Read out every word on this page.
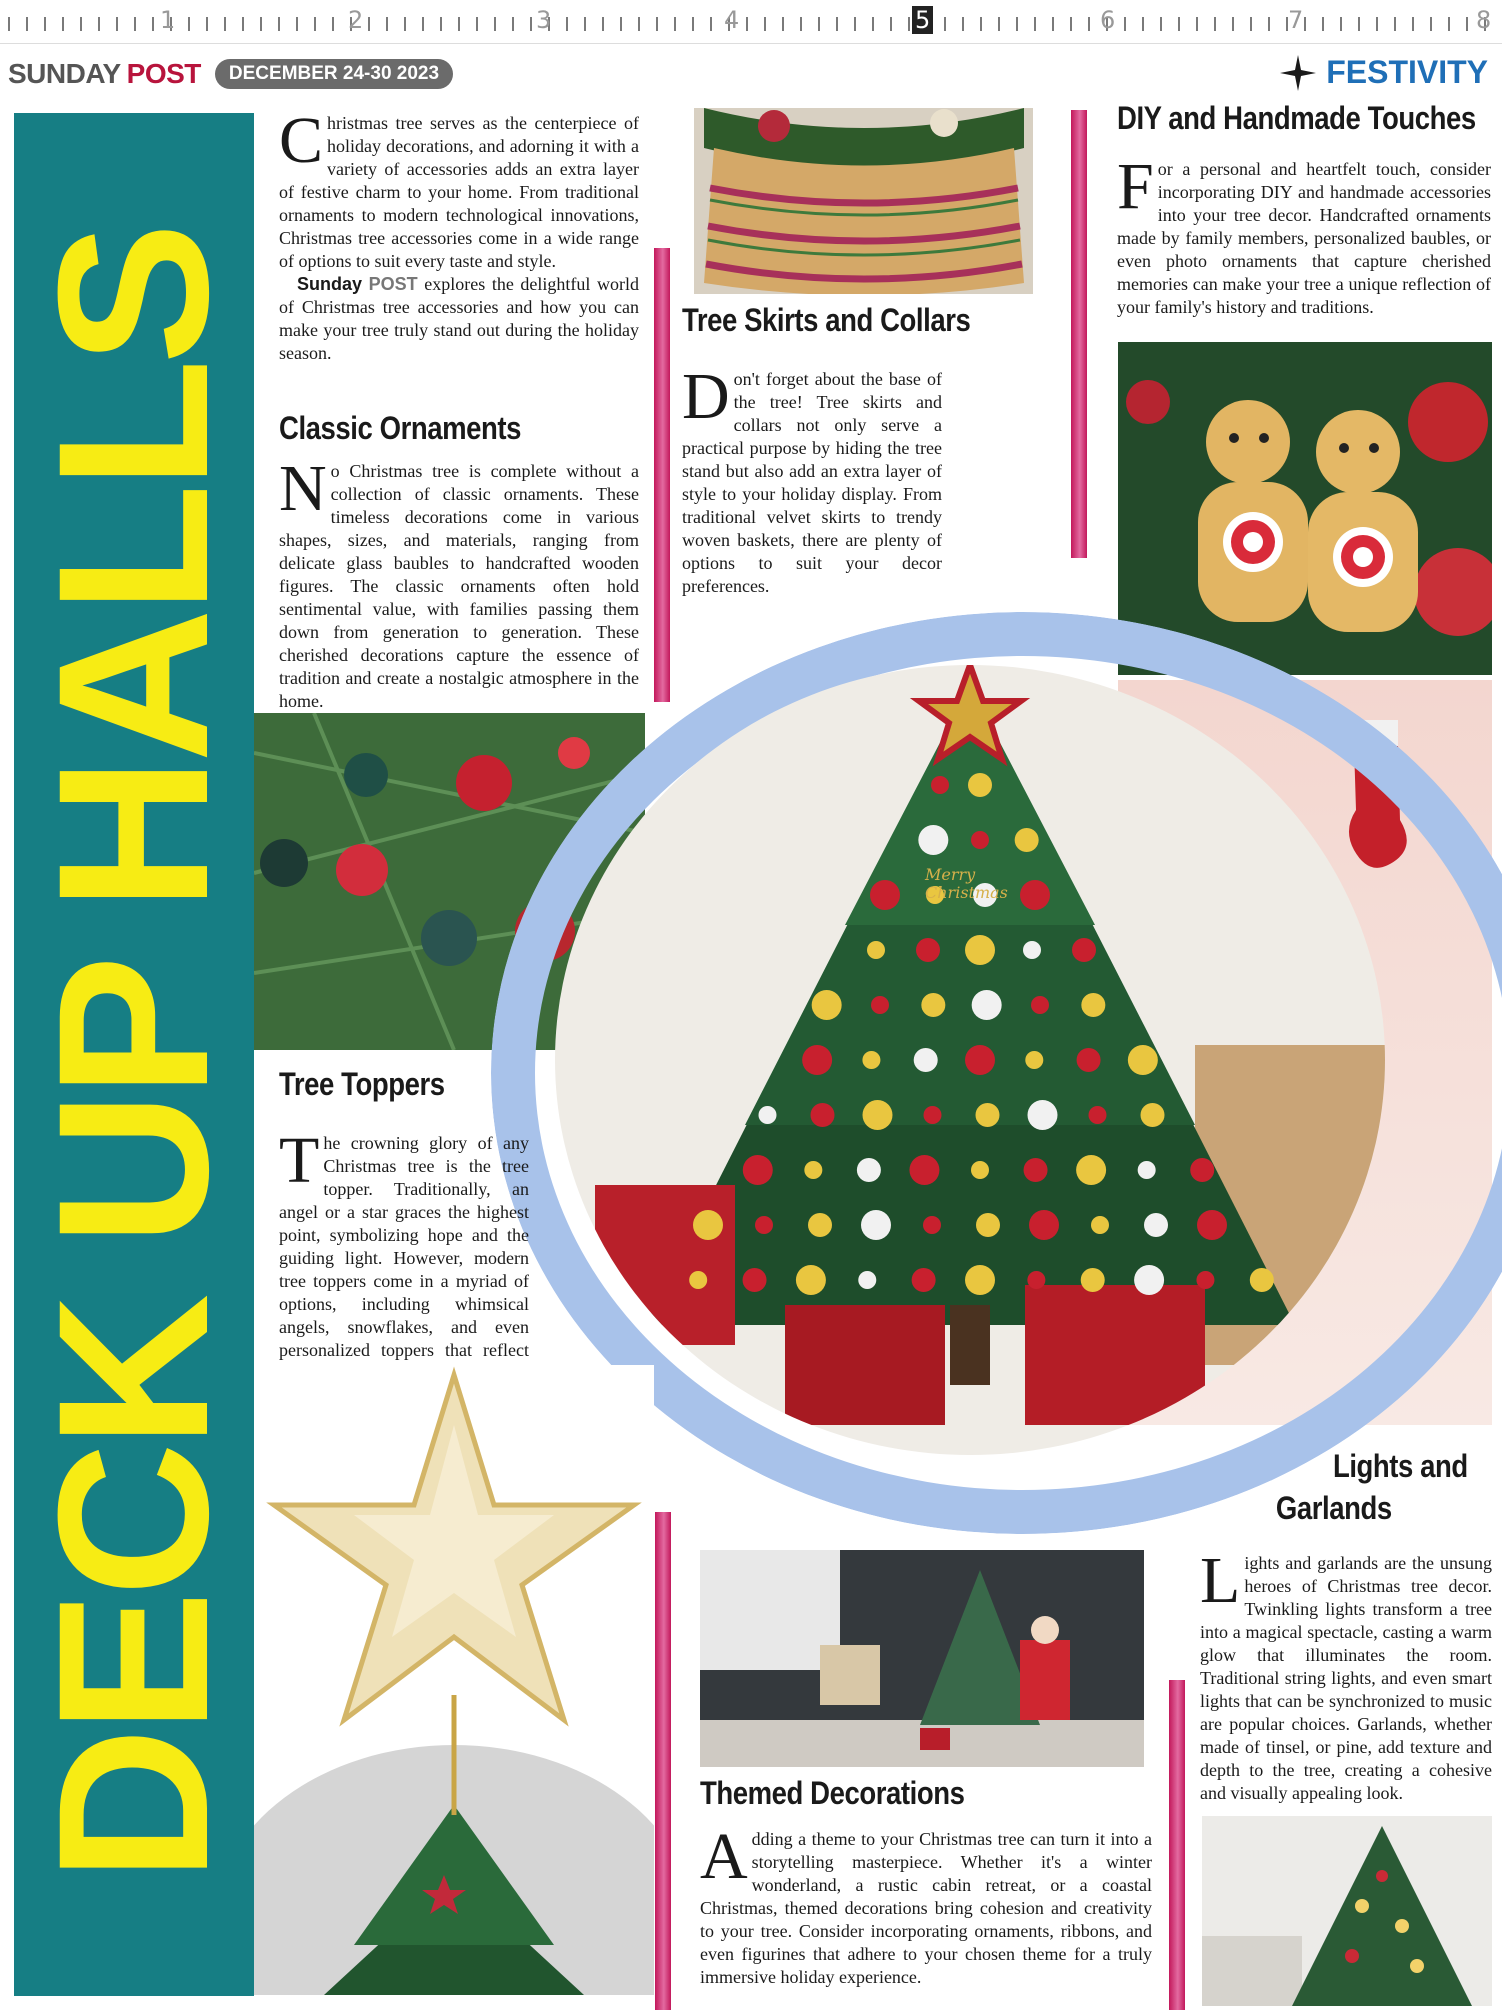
1	2	3	4	5	6	7	8
SUNDAY POST	DECEMBER 24-30 2023	FESTIVITY
DECK UP HALLS
Christmas tree serves as the centerpiece of holiday decorations, and adorning it with a variety of accessories adds an extra layer of festive charm to your home. From traditional ornaments to modern technological innovations, Christmas tree accessories come in a wide range of options to suit every taste and style.
Sunday POST explores the delightful world of Christmas tree accessories and how you can make your tree truly stand out during the holiday season.
Classic Ornaments
No Christmas tree is complete without a collection of classic ornaments. These timeless decorations come in various shapes, sizes, and materials, ranging from delicate glass baubles to handcrafted wooden figures. The classic ornaments often hold sentimental value, with families passing them down from generation to generation. These cherished decorations capture the essence of tradition and create a nostalgic atmosphere in the home.
Tree Skirts and Collars
Don't forget about the base of the tree! Tree skirts and collars not only serve a practical purpose by hiding the tree stand but also add an extra layer of style to your holiday display. From traditional velvet skirts to trendy woven baskets, there are plenty of options to suit your decor preferences.
DIY and Handmade Touches
For a personal and heartfelt touch, consider incorporating DIY and handmade accessories into your tree decor. Handcrafted ornaments made by family members, personalized baubles, or even photo ornaments that capture cherished memories can make your tree a unique reflection of your family's history and traditions.
Merry Christmas
Tree Toppers
The crowning glory of any Christmas tree is the tree topper. Traditionally, an angel or a star graces the highest point, symbolizing hope and the guiding light. However, modern tree toppers come in a myriad of options, including whimsical angels, snowflakes, and even personalized toppers that reflect
Themed Decorations
Adding a theme to your Christmas tree can turn it into a storytelling masterpiece. Whether it's a winter wonderland, a rustic cabin retreat, or a coastal Christmas, themed decorations bring cohesion and creativity to your tree. Consider incorporating ornaments, ribbons, and even figurines that adhere to your chosen theme for a truly immersive holiday experience.
Lights and
Garlands
Lights and garlands are the unsung heroes of Christmas tree decor. Twinkling lights transform a tree into a magical spectacle, casting a warm glow that illuminates the room. Traditional string lights, and even smart lights that can be synchronized to music are popular choices. Garlands, whether made of tinsel, or pine, add texture and depth to the tree, creating a cohesive and visually appealing look.
